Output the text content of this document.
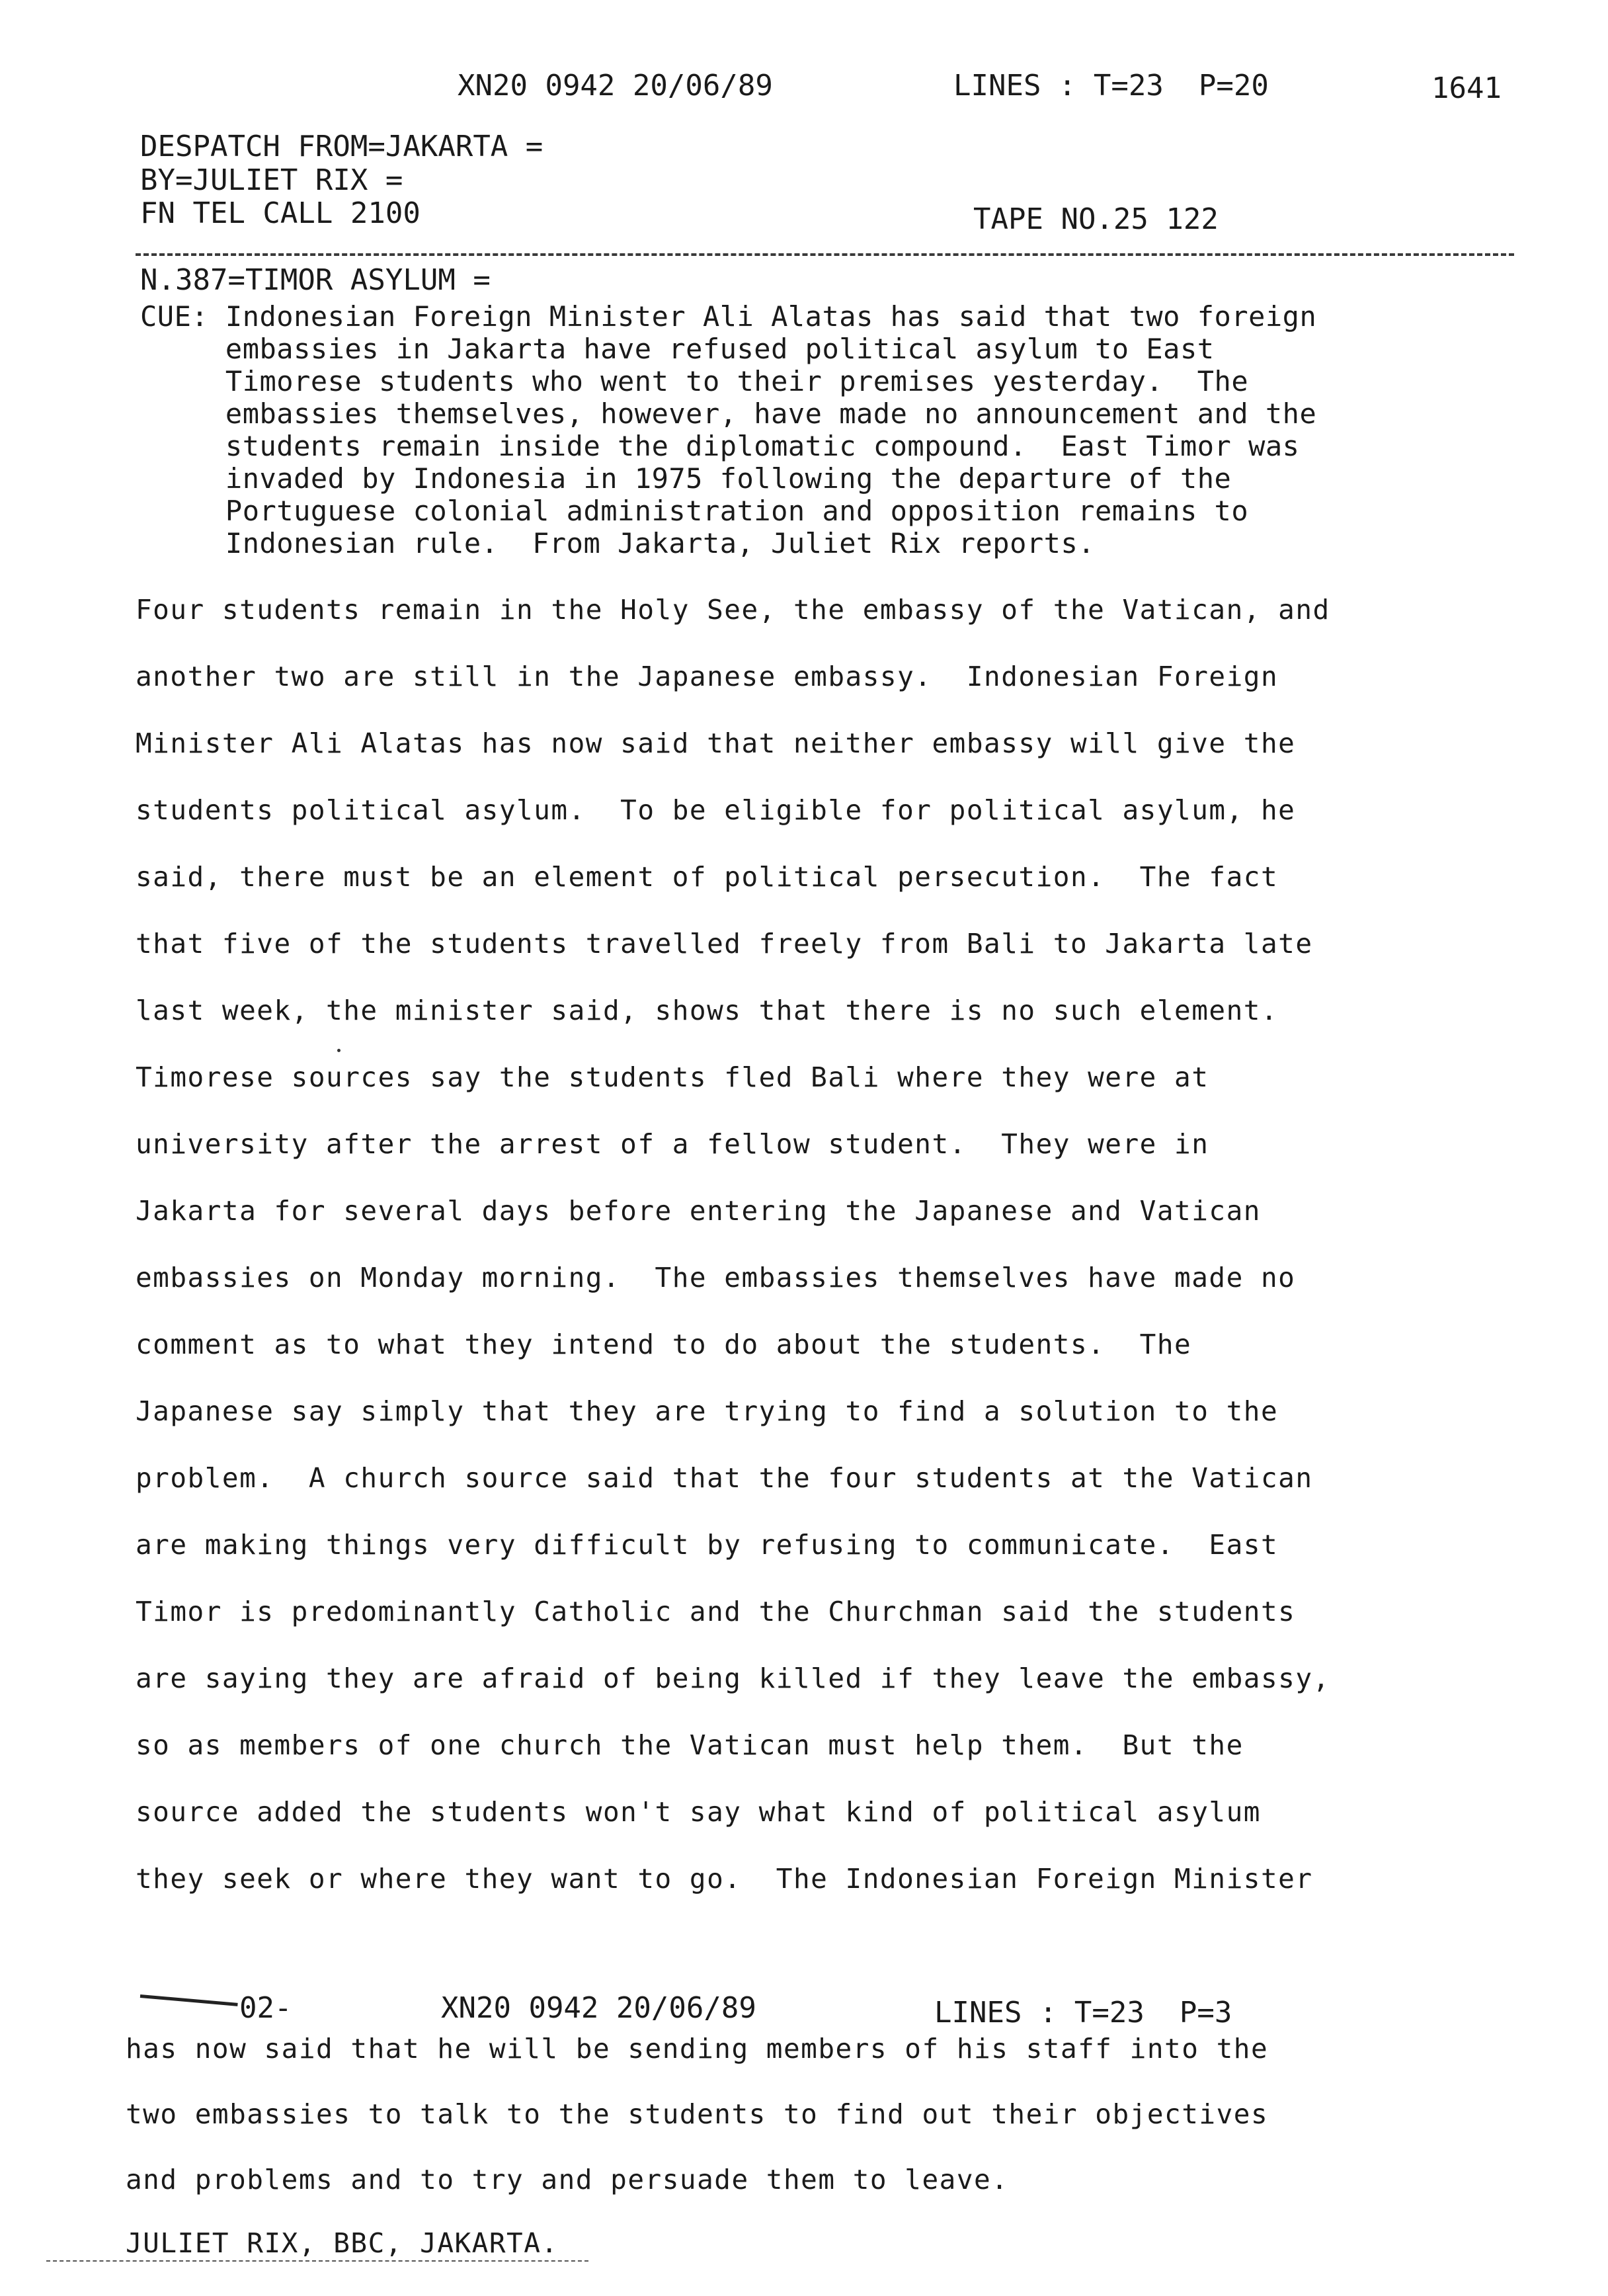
XN20 0942 20/06/89	LINES : T=23  P=20	1641
DESPATCH FROM=JAKARTA =
BY=JULIET RIX =
FN TEL CALL 2100	TAPE NO.25 122
N.387=TIMOR ASYLUM =
CUE: Indonesian Foreign Minister Ali Alatas has said that two foreign
embassies in Jakarta have refused political asylum to East
Timorese students who went to their premises yesterday.  The
embassies themselves, however, have made no announcement and the
students remain inside the diplomatic compound.  East Timor was
invaded by Indonesia in 1975 following the departure of the
Portuguese colonial administration and opposition remains to
Indonesian rule.  From Jakarta, Juliet Rix reports.
Four students remain in the Holy See, the embassy of the Vatican, and
another two are still in the Japanese embassy.  Indonesian Foreign
Minister Ali Alatas has now said that neither embassy will give the
students political asylum.  To be eligible for political asylum, he
said, there must be an element of political persecution.  The fact
that five of the students travelled freely from Bali to Jakarta late
last week, the minister said, shows that there is no such element.
Timorese sources say the students fled Bali where they were at
university after the arrest of a fellow student.  They were in
Jakarta for several days before entering the Japanese and Vatican
embassies on Monday morning.  The embassies themselves have made no
comment as to what they intend to do about the students.  The
Japanese say simply that they are trying to find a solution to the
problem.  A church source said that the four students at the Vatican
are making things very difficult by refusing to communicate.  East
Timor is predominantly Catholic and the Churchman said the students
are saying they are afraid of being killed if they leave the embassy,
so as members of one church the Vatican must help them.  But the
source added the students won't say what kind of political asylum
they seek or where they want to go.  The Indonesian Foreign Minister
02-	XN20 0942 20/06/89	LINES : T=23  P=3
has now said that he will be sending members of his staff into the
two embassies to talk to the students to find out their objectives
and problems and to try and persuade them to leave.
JULIET RIX, BBC, JAKARTA.
